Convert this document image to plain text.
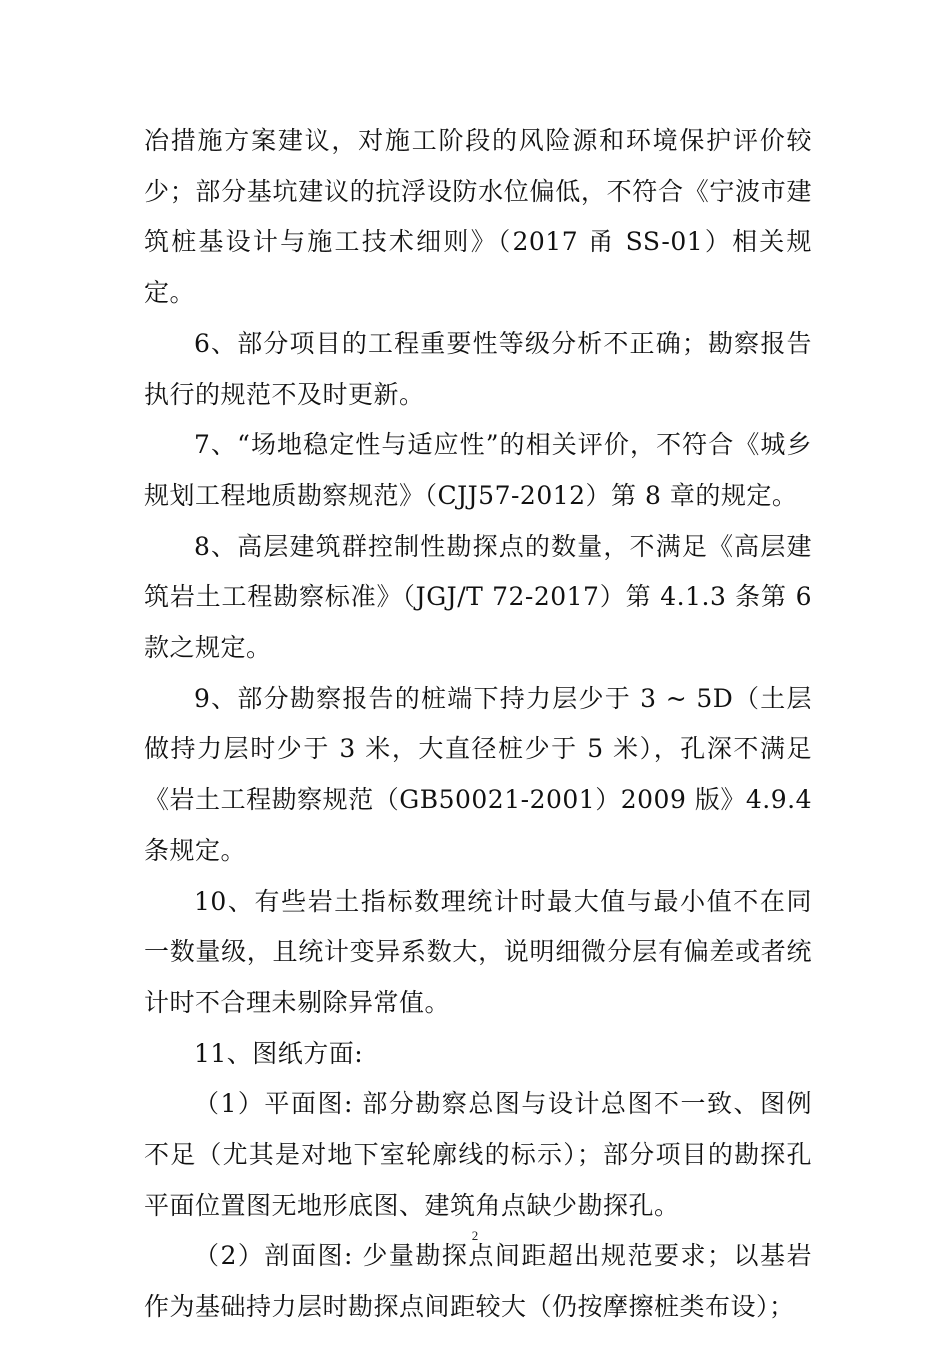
冶措施方案建议，对施工阶段的风险源和环境保护评价较少；部分基坑建议的抗浮设防水位偏低，不符合《宁波市建筑桩基设计与施工技术细则》（2017 甬 SS-01）相关规定。

6、部分项目的工程重要性等级分析不正确；勘察报告执行的规范不及时更新。

7、“场地稳定性与适应性”的相关评价，不符合《城乡规划工程地质勘察规范》（CJJ57-2012）第 8 章的规定。

8、高层建筑群控制性勘探点的数量，不满足《高层建筑岩土工程勘察标准》（JGJ/T 72-2017）第 4.1.3 条第 6 款之规定。

9、部分勘察报告的桩端下持力层少于 3 ~ 5D（土层做持力层时少于 3 米，大直径桩少于 5 米），孔深不满足《岩土工程勘察规范（GB50021-2001）2009 版》4.9.4 条规定。

10、有些岩土指标数理统计时最大值与最小值不在同一数量级，且统计变异系数大，说明细微分层有偏差或者统计时不合理未剔除异常值。

11、图纸方面:

（1）平面图: 部分勘察总图与设计总图不一致、图例不足（尤其是对地下室轮廓线的标示）；部分项目的勘探孔平面位置图无地形底图、建筑角点缺少勘探孔。

（2）剖面图: 少量勘探点间距超出规范要求；以基岩作为基础持力层时勘探点间距较大（仍按摩擦桩类布设）；

2
